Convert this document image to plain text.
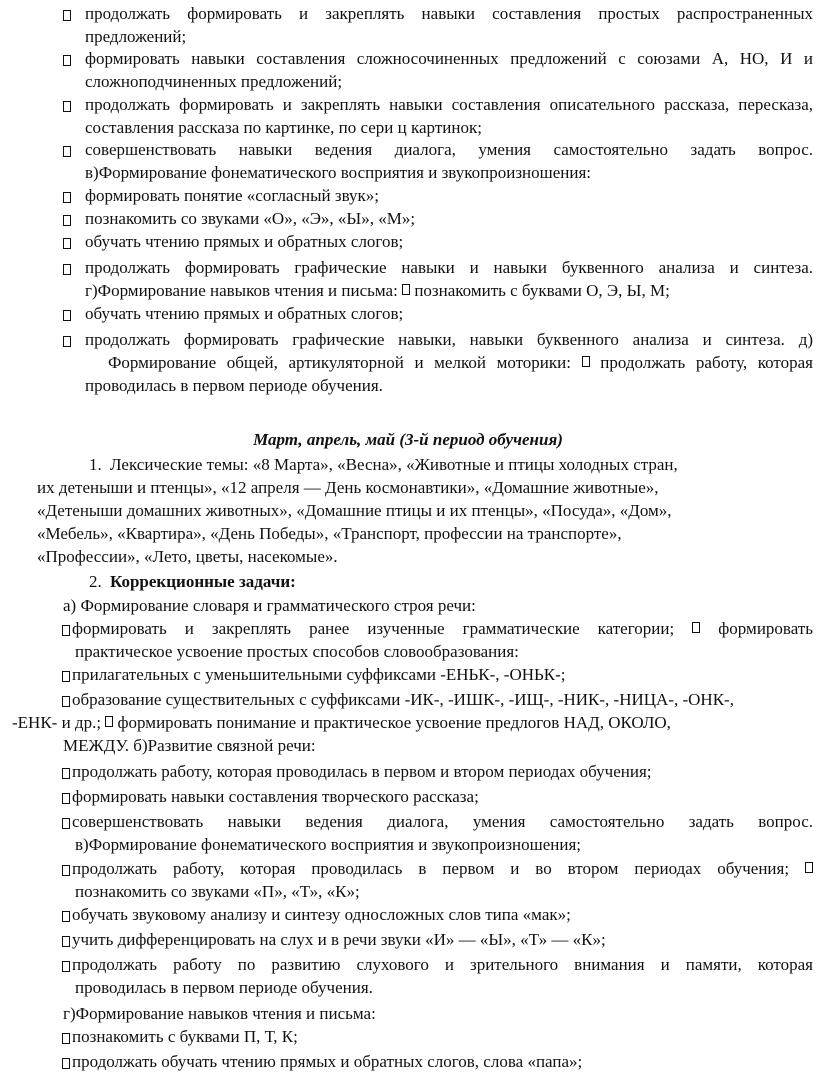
продолжать формировать и закреплять навыки составления простых распространенных
предложений;
формировать навыки составления сложносочиненных предложений с союзами А, НО, И и
сложноподчиненных предложений;
продолжать формировать и закреплять навыки составления описательного рассказа, пересказа,
составления рассказа по картинке, по сери ц картинок;
совершенствовать навыки ведения диалога, умения самостоятельно задать вопрос.
в)Формирование фонематического восприятия и звукопроизношения:
формировать понятие «согласный звук»;
познакомить со звуками «О», «Э», «Ы», «М»;
обучать чтению прямых и обратных слогов;
продолжать формировать графические навыки и навыки буквенного анализа и синтеза.
г)Формирование навыков чтения и письма: познакомить с буквами О, Э, Ы, М;
обучать чтению прямых и обратных слогов;
продолжать формировать графические навыки, навыки буквенного анализа и синтеза. д)
Формирование общей, артикуляторной и мелкой моторики: продолжать работу, которая
проводилась в первом периоде обучения.
Март, апрель, май (3-й период обучения)
1. Лексические темы: «8 Марта», «Весна», «Животные и птицы холодных стран,
их детеныши и птенцы», «12 апреля — День космонавтики», «Домашние животные»,
«Детеныши домашних животных», «Домашние птицы и их птенцы», «Посуда», «Дом»,
«Мебель», «Квартира», «День Победы», «Транспорт, профессии на транспорте»,
«Профессии», «Лето, цветы, насекомые».
2. Коррекционные задачи:
а) Формирование словаря и грамматического строя речи:
формировать и закреплять ранее изученные грамматические категории;	формировать
практическое усвоение простых способов словообразования:
прилагательных с уменьшительными суффиксами -ЕНЬК-, -ОНЬК-;
образование существительных с суффиксами -ИК-, -ИШК-, -ИЩ-, -НИК-, -НИЦА-, -ОНК-,
-ЕНК- и др.; формировать понимание и практическое усвоение предлогов НАД, ОКОЛО,
МЕЖДУ. б)Развитие связной речи:
продолжать работу, которая проводилась в первом и втором периодах обучения;
формировать навыки составления творческого рассказа;
совершенствовать навыки ведения диалога, умения самостоятельно задать вопрос.
в)Формирование фонематического восприятия и звукопроизношения;
продолжать работу, которая проводилась в первом и во втором периодах обучения;
познакомить со звуками «П», «Т», «К»;
обучать звуковому анализу и синтезу односложных слов типа «мак»;
учить дифференцировать на слух и в речи звуки «И» — «Ы», «Т» — «К»;
продолжать работу по развитию слухового и зрительного внимания и памяти, которая
проводилась в первом периоде обучения.
г)Формирование навыков чтения и письма:
познакомить с буквами П, Т, К;
продолжать обучать чтению прямых и обратных слогов, слова «папа»;
